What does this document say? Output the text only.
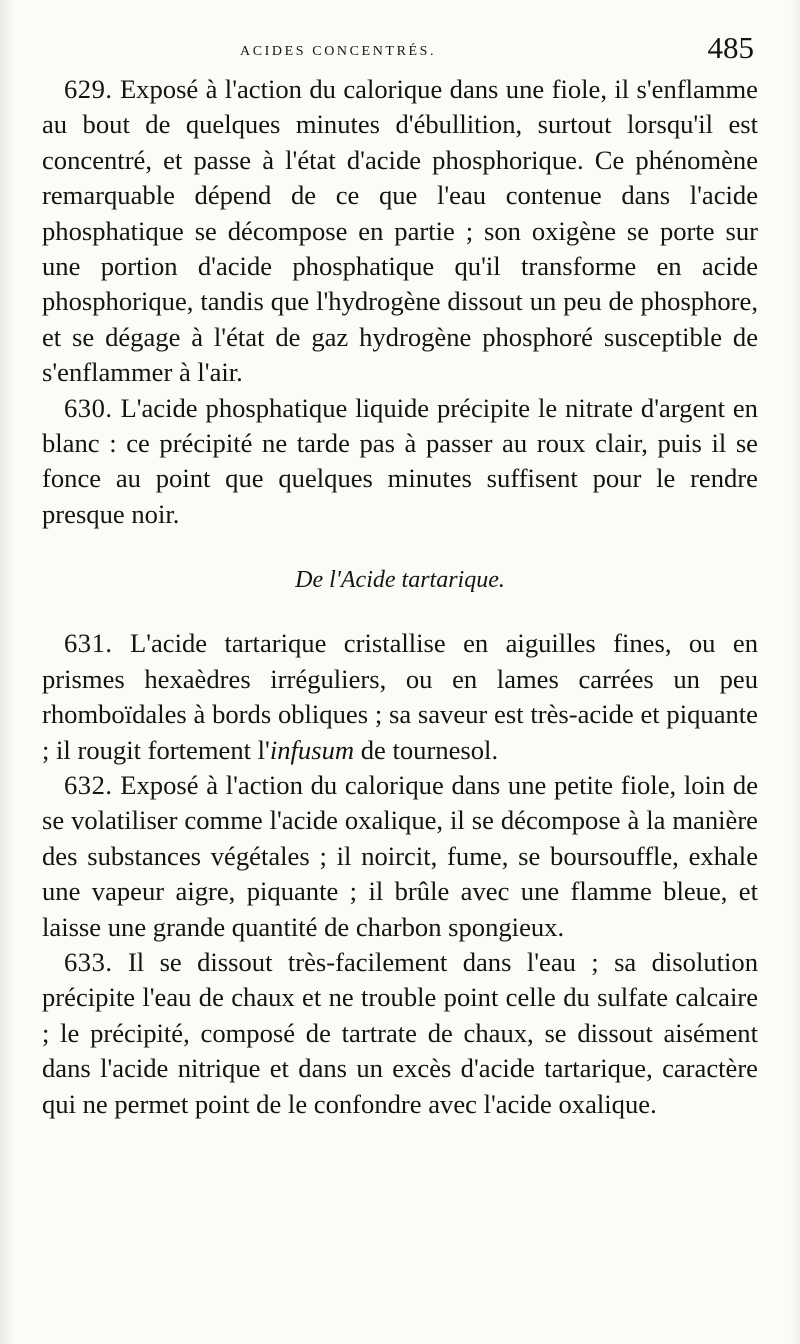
acides concentrés.	485

629. Exposé à l'action du calorique dans une fiole, il s'enflamme au bout de quelques minutes d'ébullition, surtout lorsqu'il est concentré, et passe à l'état d'acide phosphorique. Ce phénomène remarquable dépend de ce que l'eau contenue dans l'acide phosphatique se décompose en partie ; son oxigène se porte sur une portion d'acide phosphatique qu'il transforme en acide phosphorique, tandis que l'hydrogène dissout un peu de phosphore, et se dégage à l'état de gaz hydrogène phosphoré susceptible de s'enflammer à l'air.

630. L'acide phosphatique liquide précipite le nitrate d'argent en blanc : ce précipité ne tarde pas à passer au roux clair, puis il se fonce au point que quelques minutes suffisent pour le rendre presque noir.

De l'Acide tartarique.

631. L'acide tartarique cristallise en aiguilles fines, ou en prismes hexaèdres irréguliers, ou en lames carrées un peu rhomboïdales à bords obliques ; sa saveur est très-acide et piquante ; il rougit fortement l'infusum de tournesol.

632. Exposé à l'action du calorique dans une petite fiole, loin de se volatiliser comme l'acide oxalique, il se décompose à la manière des substances végétales ; il noircit, fume, se boursouffle, exhale une vapeur aigre, piquante ; il brûle avec une flamme bleue, et laisse une grande quantité de charbon spongieux.

633. Il se dissout très-facilement dans l'eau ; sa disolution précipite l'eau de chaux et ne trouble point celle du sulfate calcaire ; le précipité, composé de tartrate de chaux, se dissout aisément dans l'acide nitrique et dans un excès d'acide tartarique, caractère qui ne permet point de le confondre avec l'acide oxalique.
